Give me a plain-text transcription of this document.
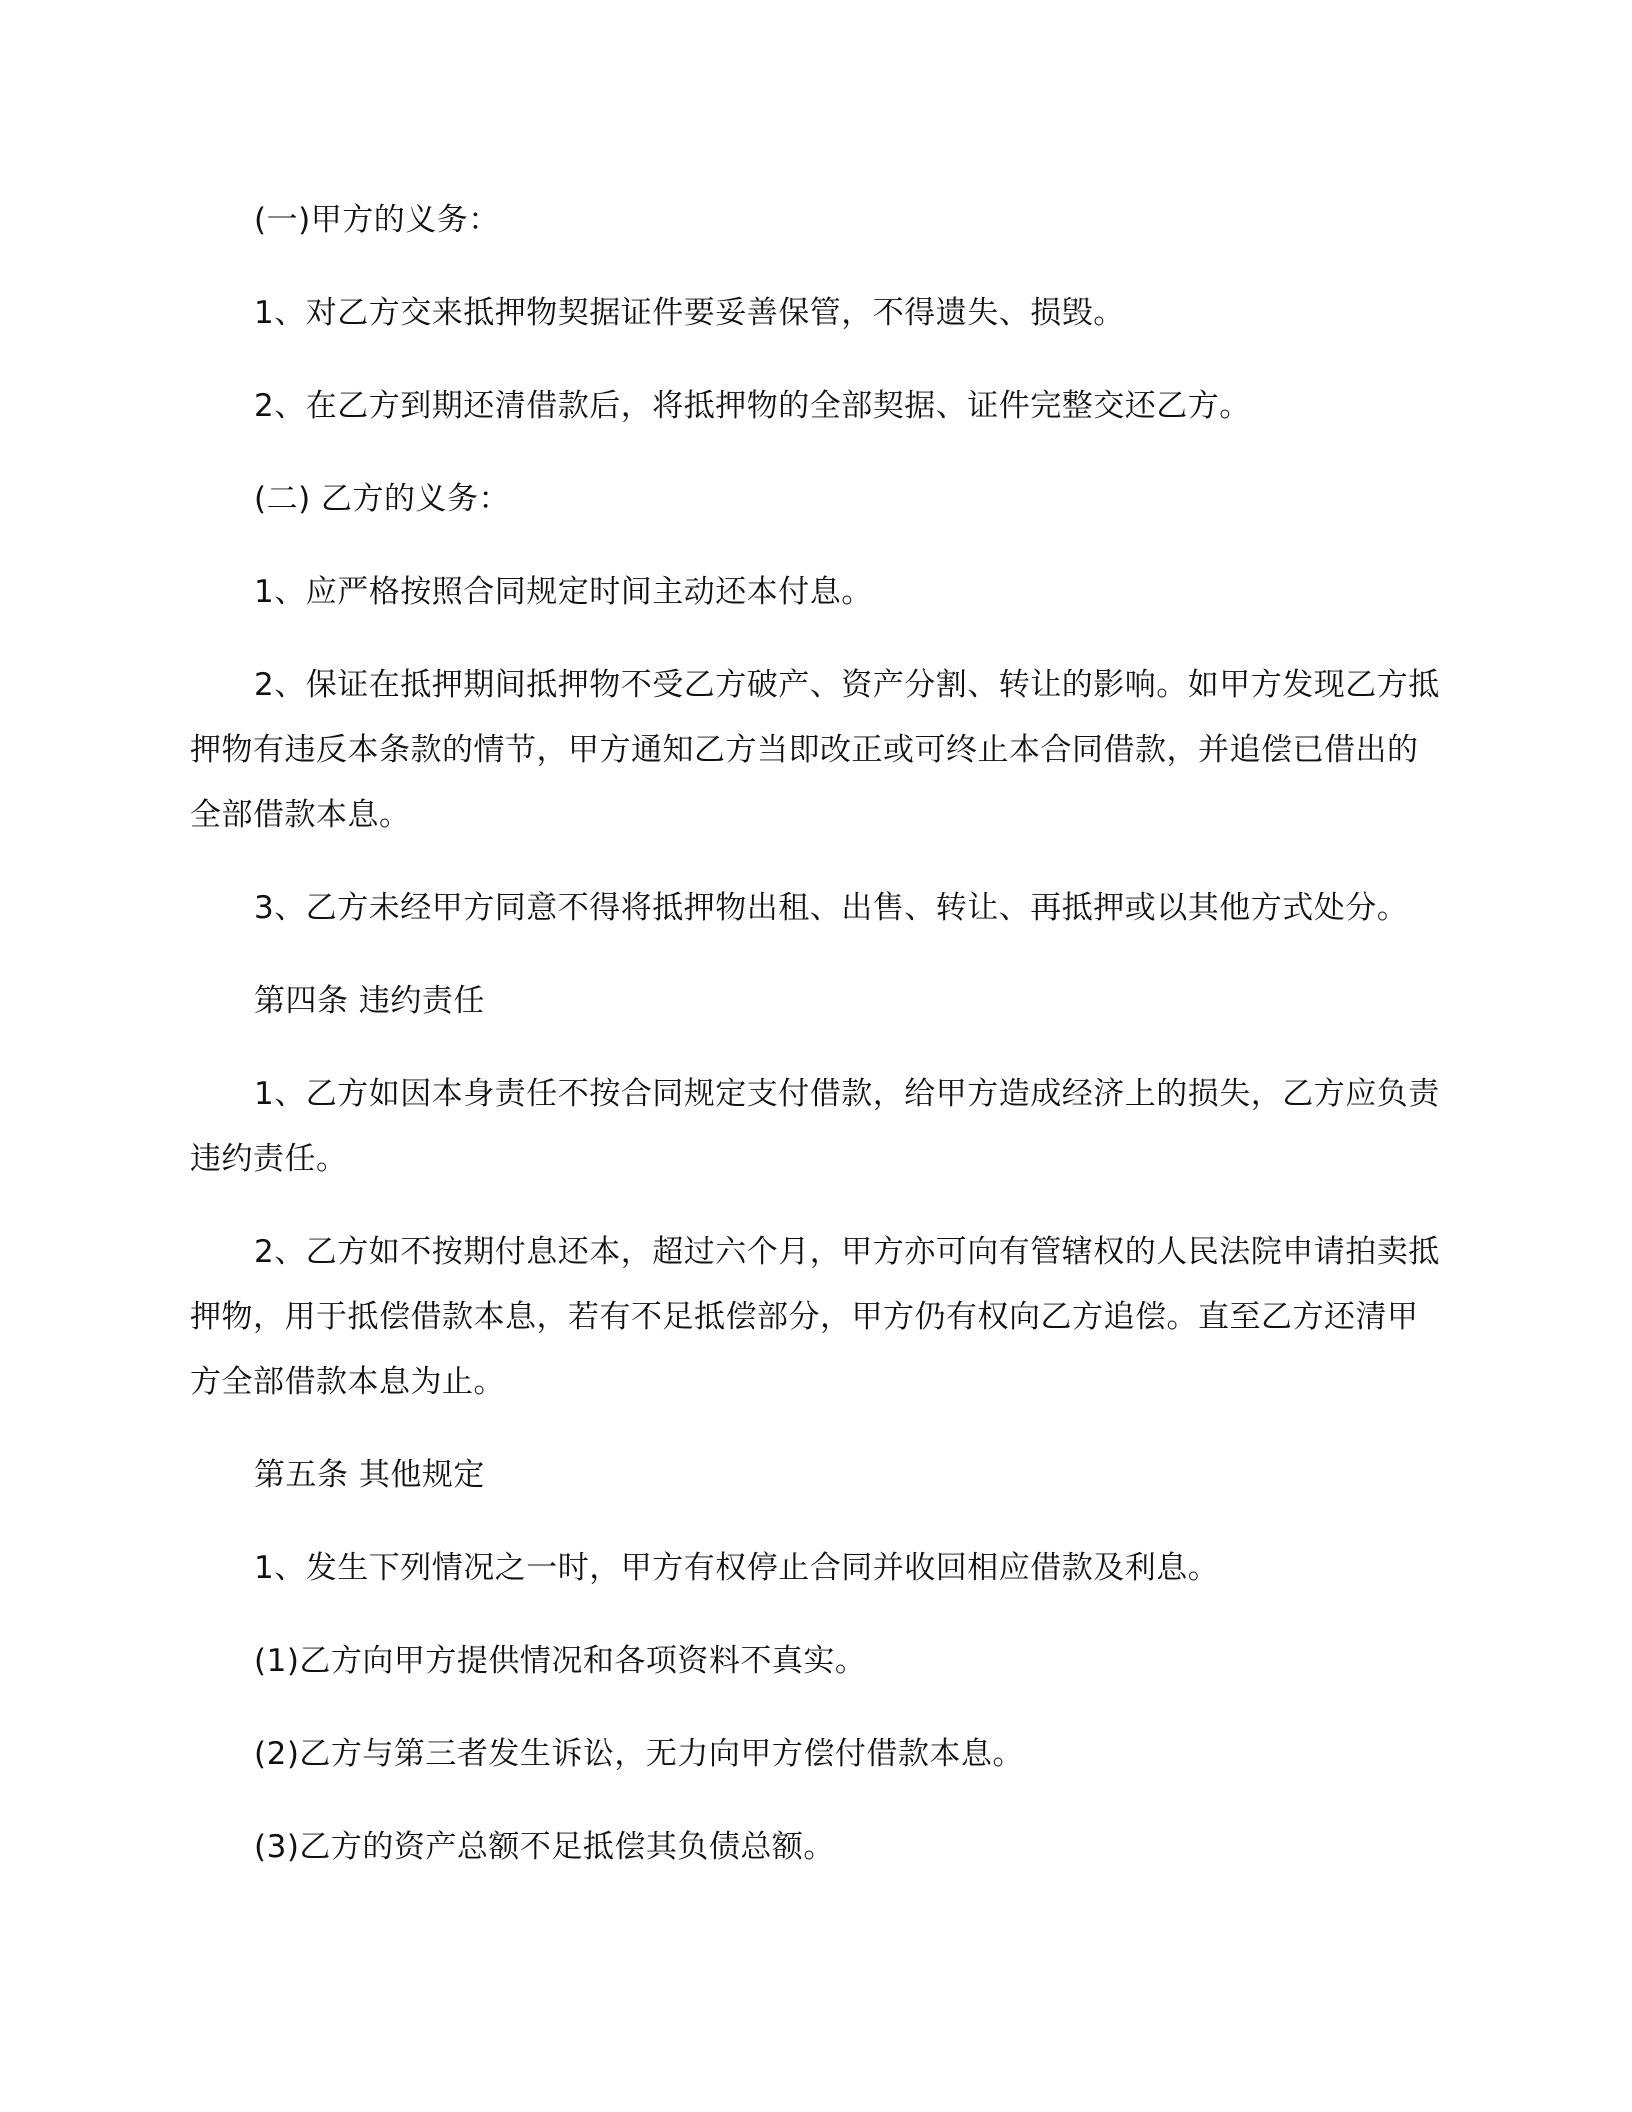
(一)甲方的义务：

1、对乙方交来抵押物契据证件要妥善保管，不得遗失、损毁。

2、在乙方到期还清借款后，将抵押物的全部契据、证件完整交还乙方。

(二) 乙方的义务：

1、应严格按照合同规定时间主动还本付息。

2、保证在抵押期间抵押物不受乙方破产、资产分割、转让的影响。如甲方发现乙方抵押物有违反本条款的情节，甲方通知乙方当即改正或可终止本合同借款，并追偿已借出的全部借款本息。

3、乙方未经甲方同意不得将抵押物出租、出售、转让、再抵押或以其他方式处分。

第四条 违约责任

1、乙方如因本身责任不按合同规定支付借款，给甲方造成经济上的损失，乙方应负责违约责任。

2、乙方如不按期付息还本，超过六个月，甲方亦可向有管辖权的人民法院申请拍卖抵押物，用于抵偿借款本息，若有不足抵偿部分，甲方仍有权向乙方追偿。直至乙方还清甲方全部借款本息为止。

第五条 其他规定

1、发生下列情况之一时，甲方有权停止合同并收回相应借款及利息。

(1)乙方向甲方提供情况和各项资料不真实。

(2)乙方与第三者发生诉讼，无力向甲方偿付借款本息。

(3)乙方的资产总额不足抵偿其负债总额。
